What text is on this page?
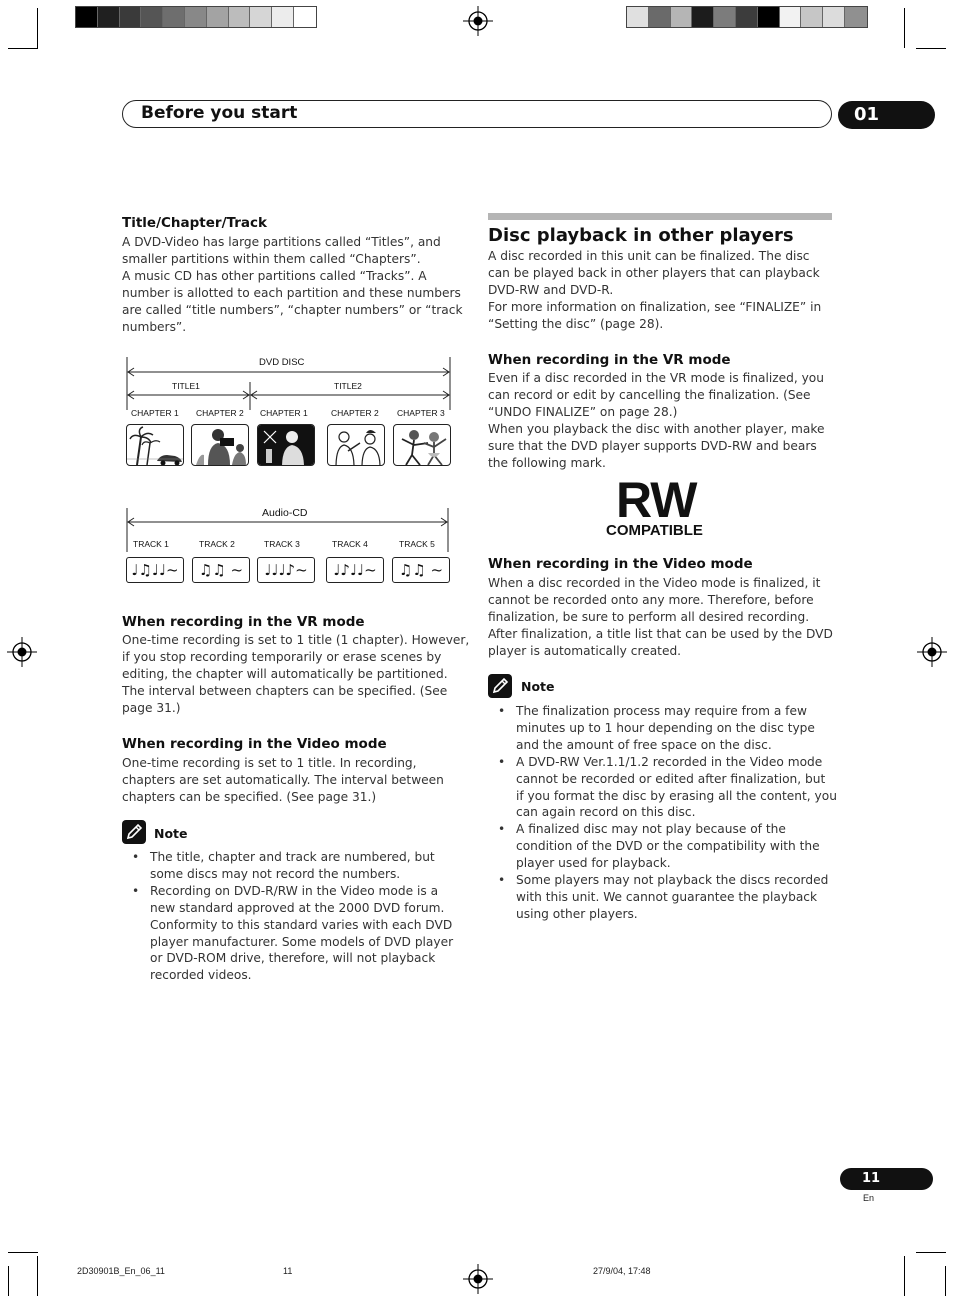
Before you start	01
Title/Chapter/Track
A DVD-Video has large partitions called “Titles”, and
smaller partitions within them called “Chapters”.
A music CD has other partitions called “Tracks”. A
number is allotted to each partition and these numbers
are called “title numbers”, “chapter numbers” or “track
numbers”.
DVD DISC
TITLE1	TITLE2
CHAPTER 1 CHAPTER 2 CHAPTER 1	CHAPTER 2 CHAPTER 3
Audio-CD
TRACK 1	TRACK 2	TRACK 3	TRACK 4	TRACK 5
♩♫♩♩~	♫♫ ~	♩♩♩♪~	♩♪♩♩~	♫♫ ~
When recording in the VR mode
One-time recording is set to 1 title (1 chapter). However,
if you stop recording temporarily or erase scenes by
editing, the chapter will automatically be partitioned.
The interval between chapters can be specified. (See
page 31.)
When recording in the Video mode
One-time recording is set to 1 title. In recording,
chapters are set automatically. The interval between
chapters can be specified. (See page 31.)
Note
• The title, chapter and track are numbered, but
some discs may not record the numbers.
• Recording on DVD-R/RW in the Video mode is a
new standard approved at the 2000 DVD forum.
Conformity to this standard varies with each DVD
player manufacturer. Some models of DVD player
or DVD-ROM drive, therefore, will not playback
recorded videos.
Disc playback in other players
A disc recorded in this unit can be finalized. The disc
can be played back in other players that can playback
DVD-RW and DVD-R.
For more information on finalization, see “FINALIZE” in
“Setting the disc” (page 28).
When recording in the VR mode
Even if a disc recorded in the VR mode is finalized, you
can record or edit by cancelling the finalization. (See
“UNDO FINALIZE” on page 28.)
When you playback the disc with another player, make
sure that the DVD player supports DVD-RW and bears
the following mark.
RW
COMPATIBLE
When recording in the Video mode
When a disc recorded in the Video mode is finalized, it
cannot be recorded onto any more. Therefore, before
finalization, be sure to perform all desired recording.
After finalization, a title list that can be used by the DVD
player is automatically created.
Note
• The finalization process may require from a few
minutes up to 1 hour depending on the disc type
and the amount of free space on the disc.
• A DVD-RW Ver.1.1/1.2 recorded in the Video mode
cannot be recorded or edited after finalization, but
if you format the disc by erasing all the content, you
can again record on this disc.
• A finalized disc may not play because of the
condition of the DVD or the compatibility with the
player used for playback.
• Some players may not playback the discs recorded
with this unit. We cannot guarantee the playback
using other players.
11
En
2D30901B_En_06_11	11	27/9/04, 17:48
